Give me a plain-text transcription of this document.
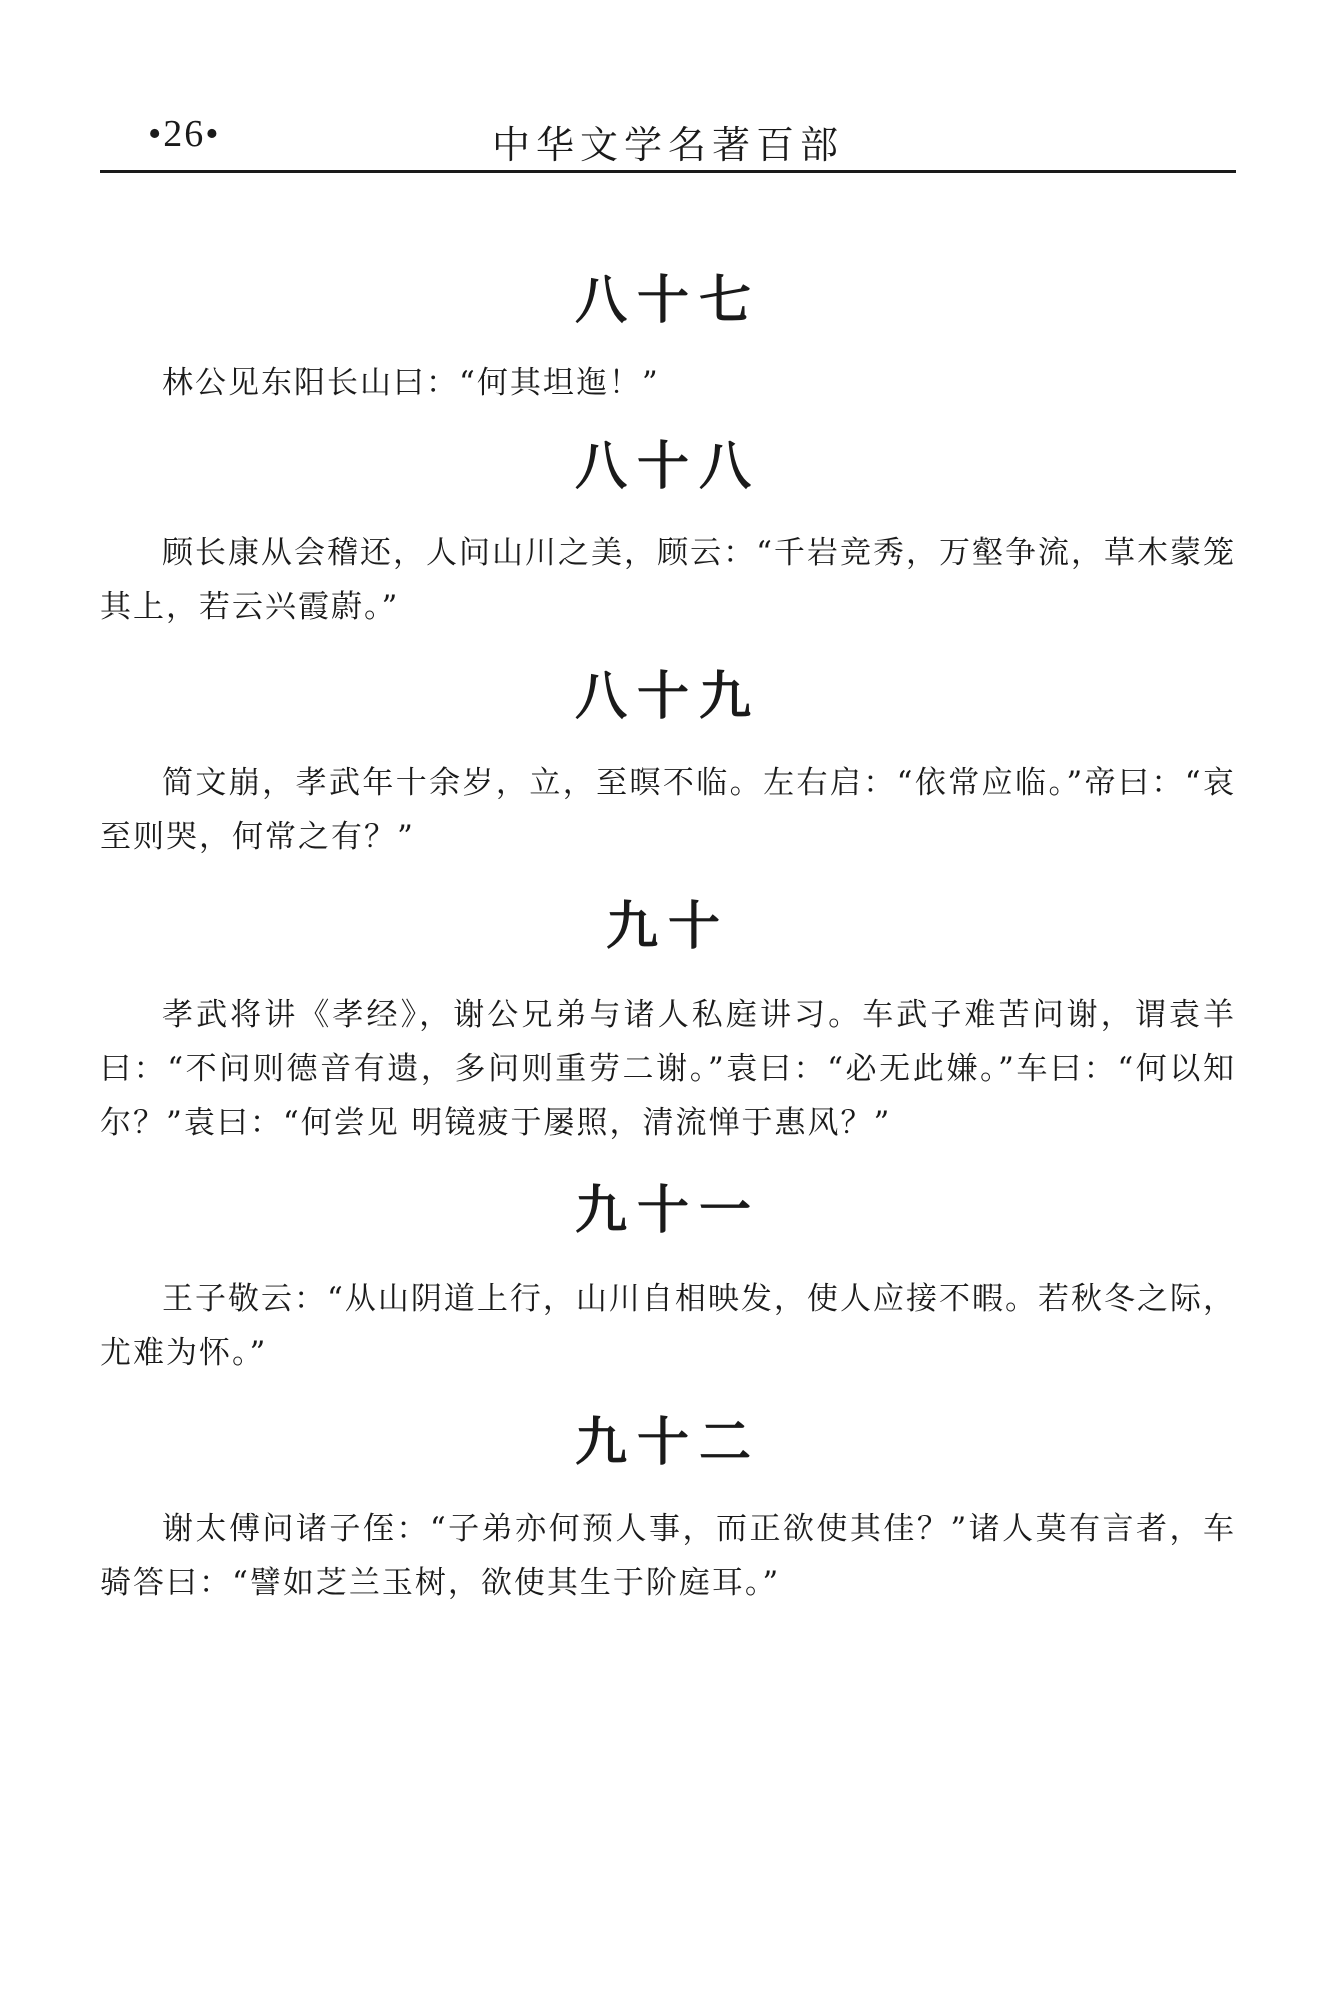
•26•	中华文学名著百部
八十七

林公见东阳长山曰：“何其坦迤！”

八十八

顾长康从会稽还，人问山川之美，顾云：“千岩竞秀，万壑争流，草木蒙笼其上，若云兴霞蔚。”

八十九

简文崩，孝武年十余岁，立，至暝不临。左右启：“依常应临。”帝曰：“哀至则哭，何常之有？”

九十

孝武将讲《孝经》，谢公兄弟与诸人私庭讲习。车武子难苦问谢，谓袁羊曰：“不问则德音有遗，多问则重劳二谢。”袁曰：“必无此嫌。”车曰：“何以知尔？”袁曰：“何尝见 明镜疲于屡照，清流惮于惠风？”

九十一

王子敬云：“从山阴道上行，山川自相映发，使人应接不暇。若秋冬之际，尤难为怀。”

九十二

谢太傅问诸子侄：“子弟亦何预人事，而正欲使其佳？”诸人莫有言者，车骑答曰：“譬如芝兰玉树，欲使其生于阶庭耳。”
